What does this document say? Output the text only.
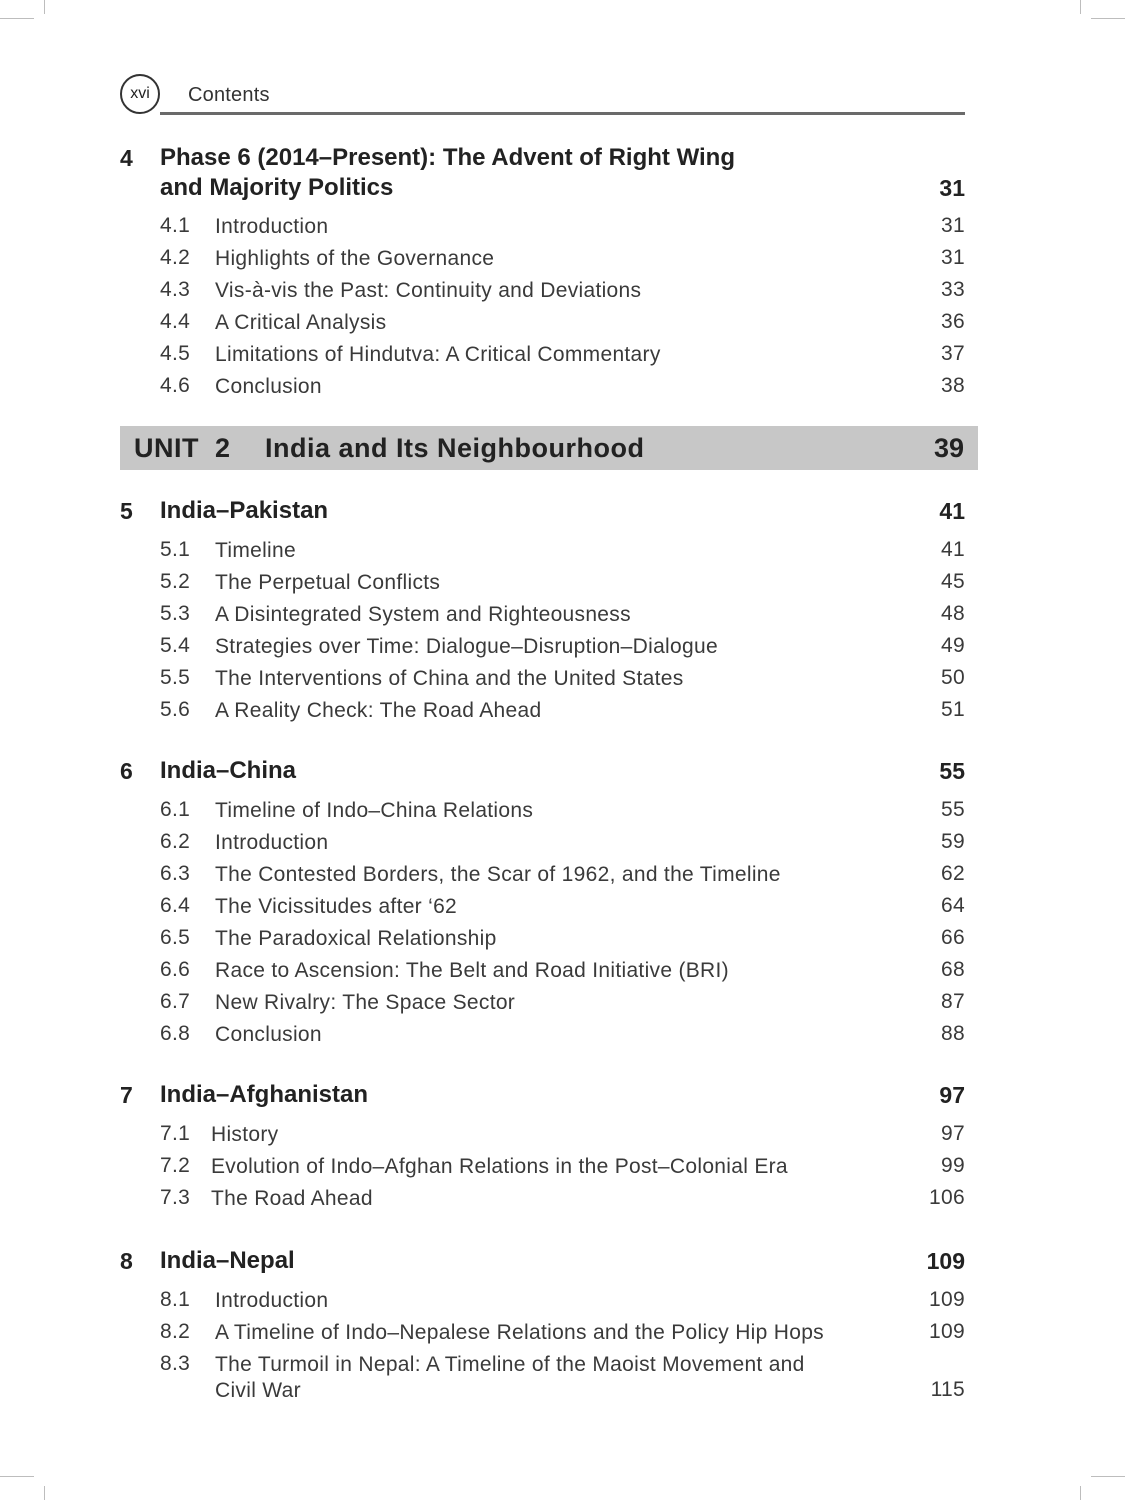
xvi	Contents
4	Phase 6 (2014–Present): The Advent of Right Wing
and Majority Politics	31
4.1 Introduction	31
4.2 Highlights of the Governance	31
4.3 Vis-à-vis the Past: Continuity and Deviations	33
4.4 A Critical Analysis	36
4.5 Limitations of Hindutva: A Critical Commentary	37
4.6 Conclusion	38
UNIT  2 India and Its Neighbourhood	39
5	India–Pakistan	41
5.1 Timeline	41
5.2 The Perpetual Conflicts	45
5.3 A Disintegrated System and Righteousness	48
5.4 Strategies over Time: Dialogue–Disruption–Dialogue	49
5.5 The Interventions of China and the United States	50
5.6 A Reality Check: The Road Ahead	51
6	India–China	55
6.1 Timeline of Indo–China Relations	55
6.2 Introduction	59
6.3 The Contested Borders, the Scar of 1962, and the Timeline	62
6.4 The Vicissitudes after ‘62	64
6.5 The Paradoxical Relationship	66
6.6 Race to Ascension: The Belt and Road Initiative (BRI)	68
6.7 New Rivalry: The Space Sector	87
6.8 Conclusion	88
7	India–Afghanistan	97
7.1 History	97
7.2 Evolution of Indo–Afghan Relations in the Post–Colonial Era	99
7.3 The Road Ahead	106
8	India–Nepal	109
8.1 Introduction	109
8.2 A Timeline of Indo–Nepalese Relations and the Policy Hip Hops	109
8.3 The Turmoil in Nepal: A Timeline of the Maoist Movement and
Civil War	115
